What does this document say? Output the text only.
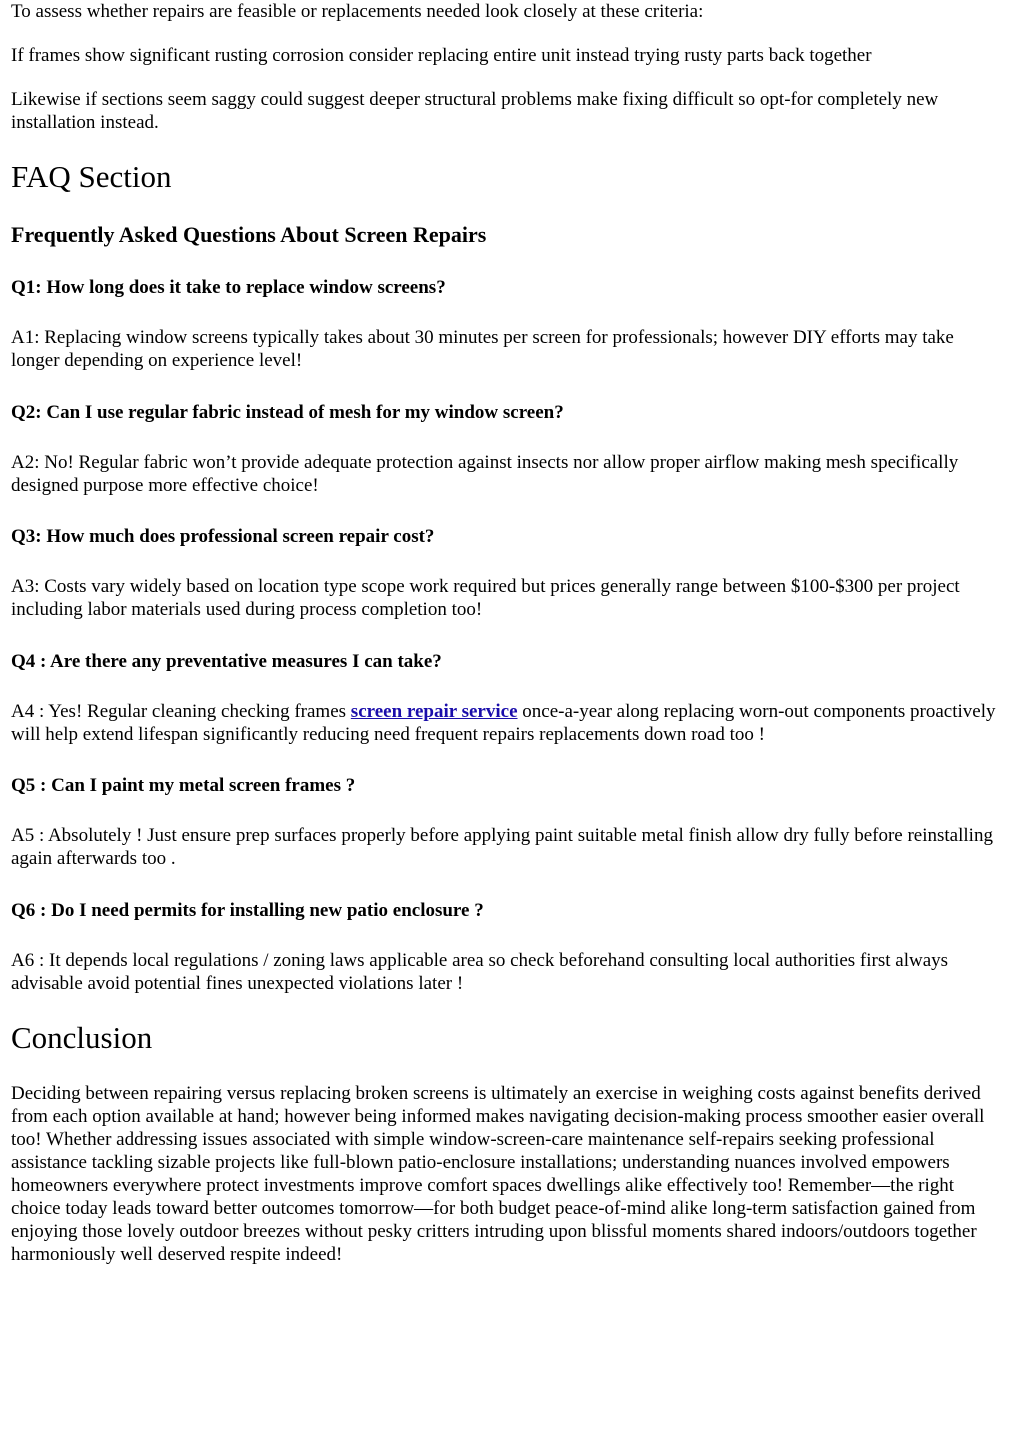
To assess whether repairs are feasible or replacements needed look closely at these criteria:

If frames show significant rusting corrosion consider replacing entire unit instead trying rusty parts back together

Likewise if sections seem saggy could suggest deeper structural problems make fixing difficult so opt-for completely new installation instead.

FAQ Section
Frequently Asked Questions About Screen Repairs
Q1: How long does it take to replace window screens?

A1: Replacing window screens typically takes about 30 minutes per screen for professionals; however DIY efforts may take longer depending on experience level!

Q2: Can I use regular fabric instead of mesh for my window screen?

A2: No! Regular fabric won’t provide adequate protection against insects nor allow proper airflow making mesh specifically designed purpose more effective choice!

Q3: How much does professional screen repair cost?

A3: Costs vary widely based on location type scope work required but prices generally range between $100-$300 per project including labor materials used during process completion too!

Q4 : Are there any preventative measures I can take?

A4 : Yes! Regular cleaning checking frames screen repair service once-a-year along replacing worn-out components proactively will help extend lifespan significantly reducing need frequent repairs replacements down road too !

Q5 : Can I paint my metal screen frames ?

A5 : Absolutely ! Just ensure prep surfaces properly before applying paint suitable metal finish allow dry fully before reinstalling again afterwards too .

Q6 : Do I need permits for installing new patio enclosure ?

A6 : It depends local regulations / zoning laws applicable area so check beforehand consulting local authorities first always advisable avoid potential fines unexpected violations later !

Conclusion

Deciding between repairing versus replacing broken screens is ultimately an exercise in weighing costs against benefits derived from each option available at hand; however being informed makes navigating decision-making process smoother easier overall too! Whether addressing issues associated with simple window-screen-care maintenance self-repairs seeking professional assistance tackling sizable projects like full-blown patio-enclosure installations; understanding nuances involved empowers homeowners everywhere protect investments improve comfort spaces dwellings alike effectively too! Remember—the right choice today leads toward better outcomes tomorrow—for both budget peace-of-mind alike long-term satisfaction gained from enjoying those lovely outdoor breezes without pesky critters intruding upon blissful moments shared indoors/outdoors together harmoniously well deserved respite indeed!
